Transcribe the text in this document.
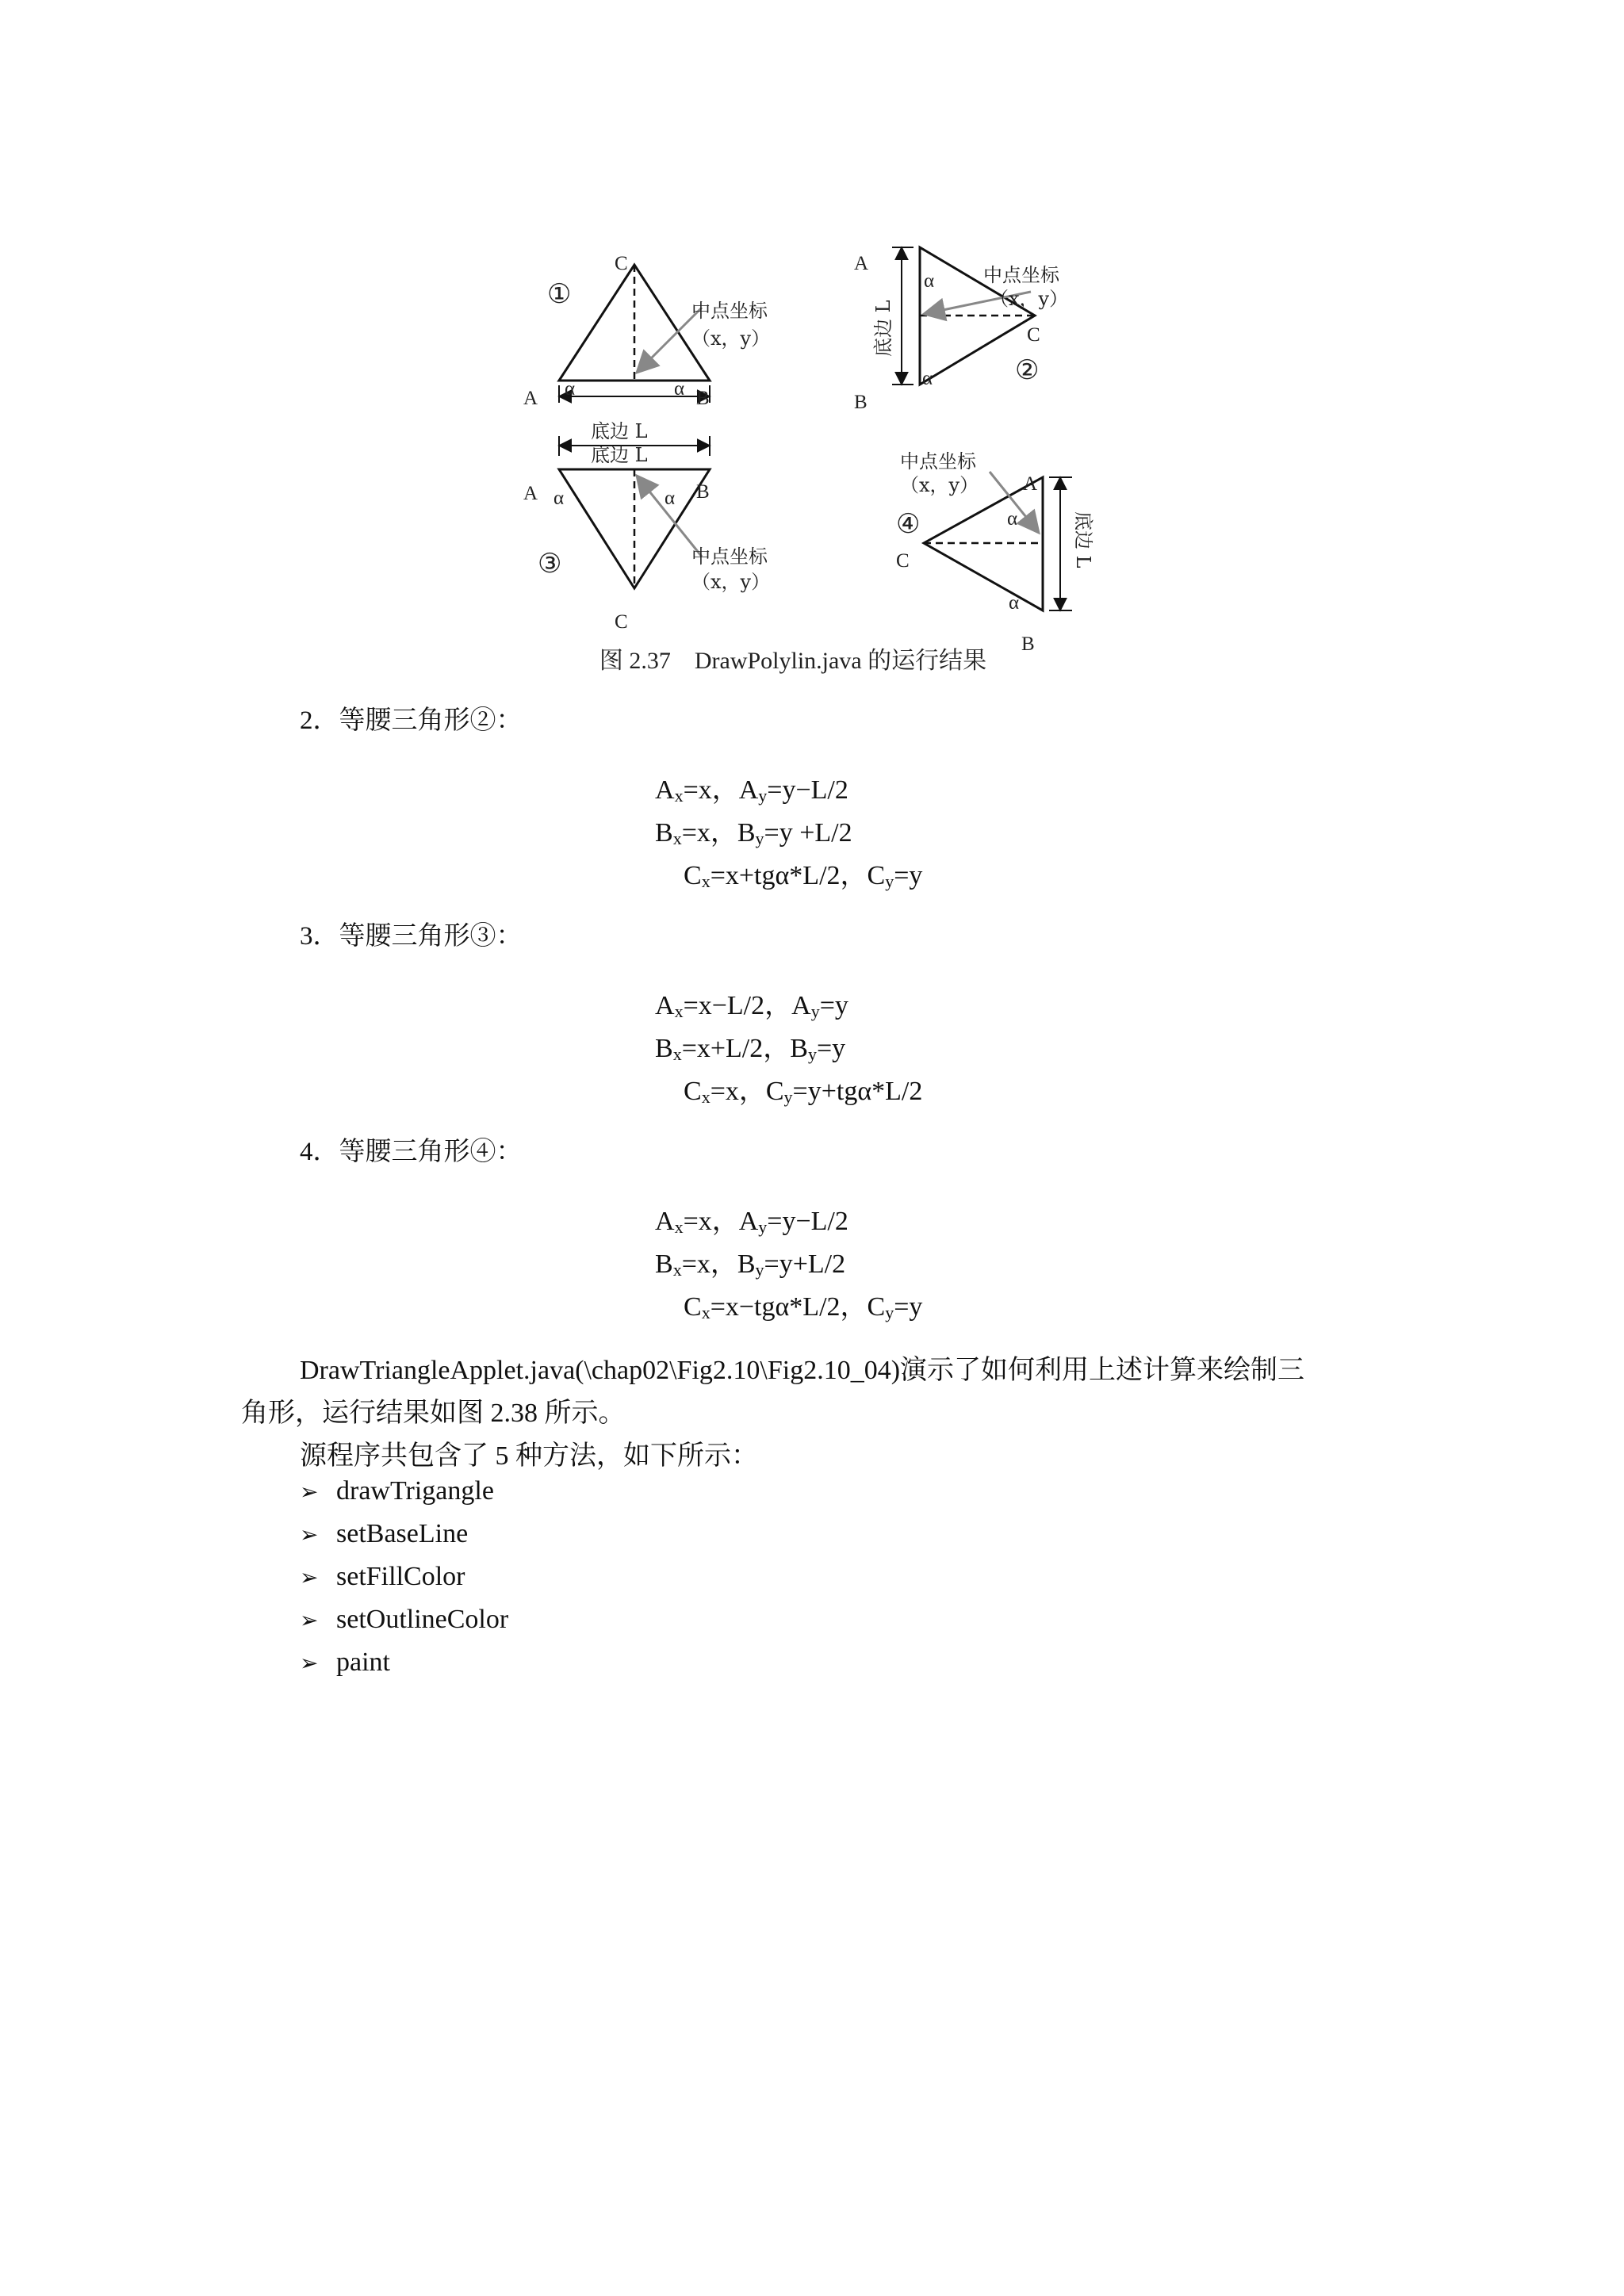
①
C
A	B
α	α
中点坐标
（x，y）
底边 L
底边 L
A	B
C
α	α
③	中点坐标
（x，y）
A
B
C
α
α
中点坐标
（x，y）
②
底边 L
中点坐标
（x，y） A
C
B
α
α
④	底边 L
图 2.37　DrawPolylin.java 的运行结果
2．等腰三角形②：
$A_x=x$，$A_y=y-L/2$
$B_x=x$，$B_y=y +L/2$
$C_x=x+tg\alpha*L/2$，$C_y=y$
3．等腰三角形③：
$A_x=x-L/2$，$A_y=y$
$B_x=x+L/2$，$B_y=y$
$C_x=x$，$C_y=y+tg\alpha*L/2$
4．等腰三角形④：
$A_x=x$，$A_y=y-L/2$
$B_x=x$，$B_y=y+L/2$
$C_x=x-tg\alpha*L/2$，$C_y=y$
DrawTriangleApplet.java(\chap02\Fig2.10\Fig2.10_04)演示了如何利用上述计算来绘制三
角形，运行结果如图 2.38 所示。
源程序共包含了 5 种方法，如下所示：
➢ drawTrigangle
➢ setBaseLine
➢ setFillColor
➢ setOutlineColor
➢ paint
